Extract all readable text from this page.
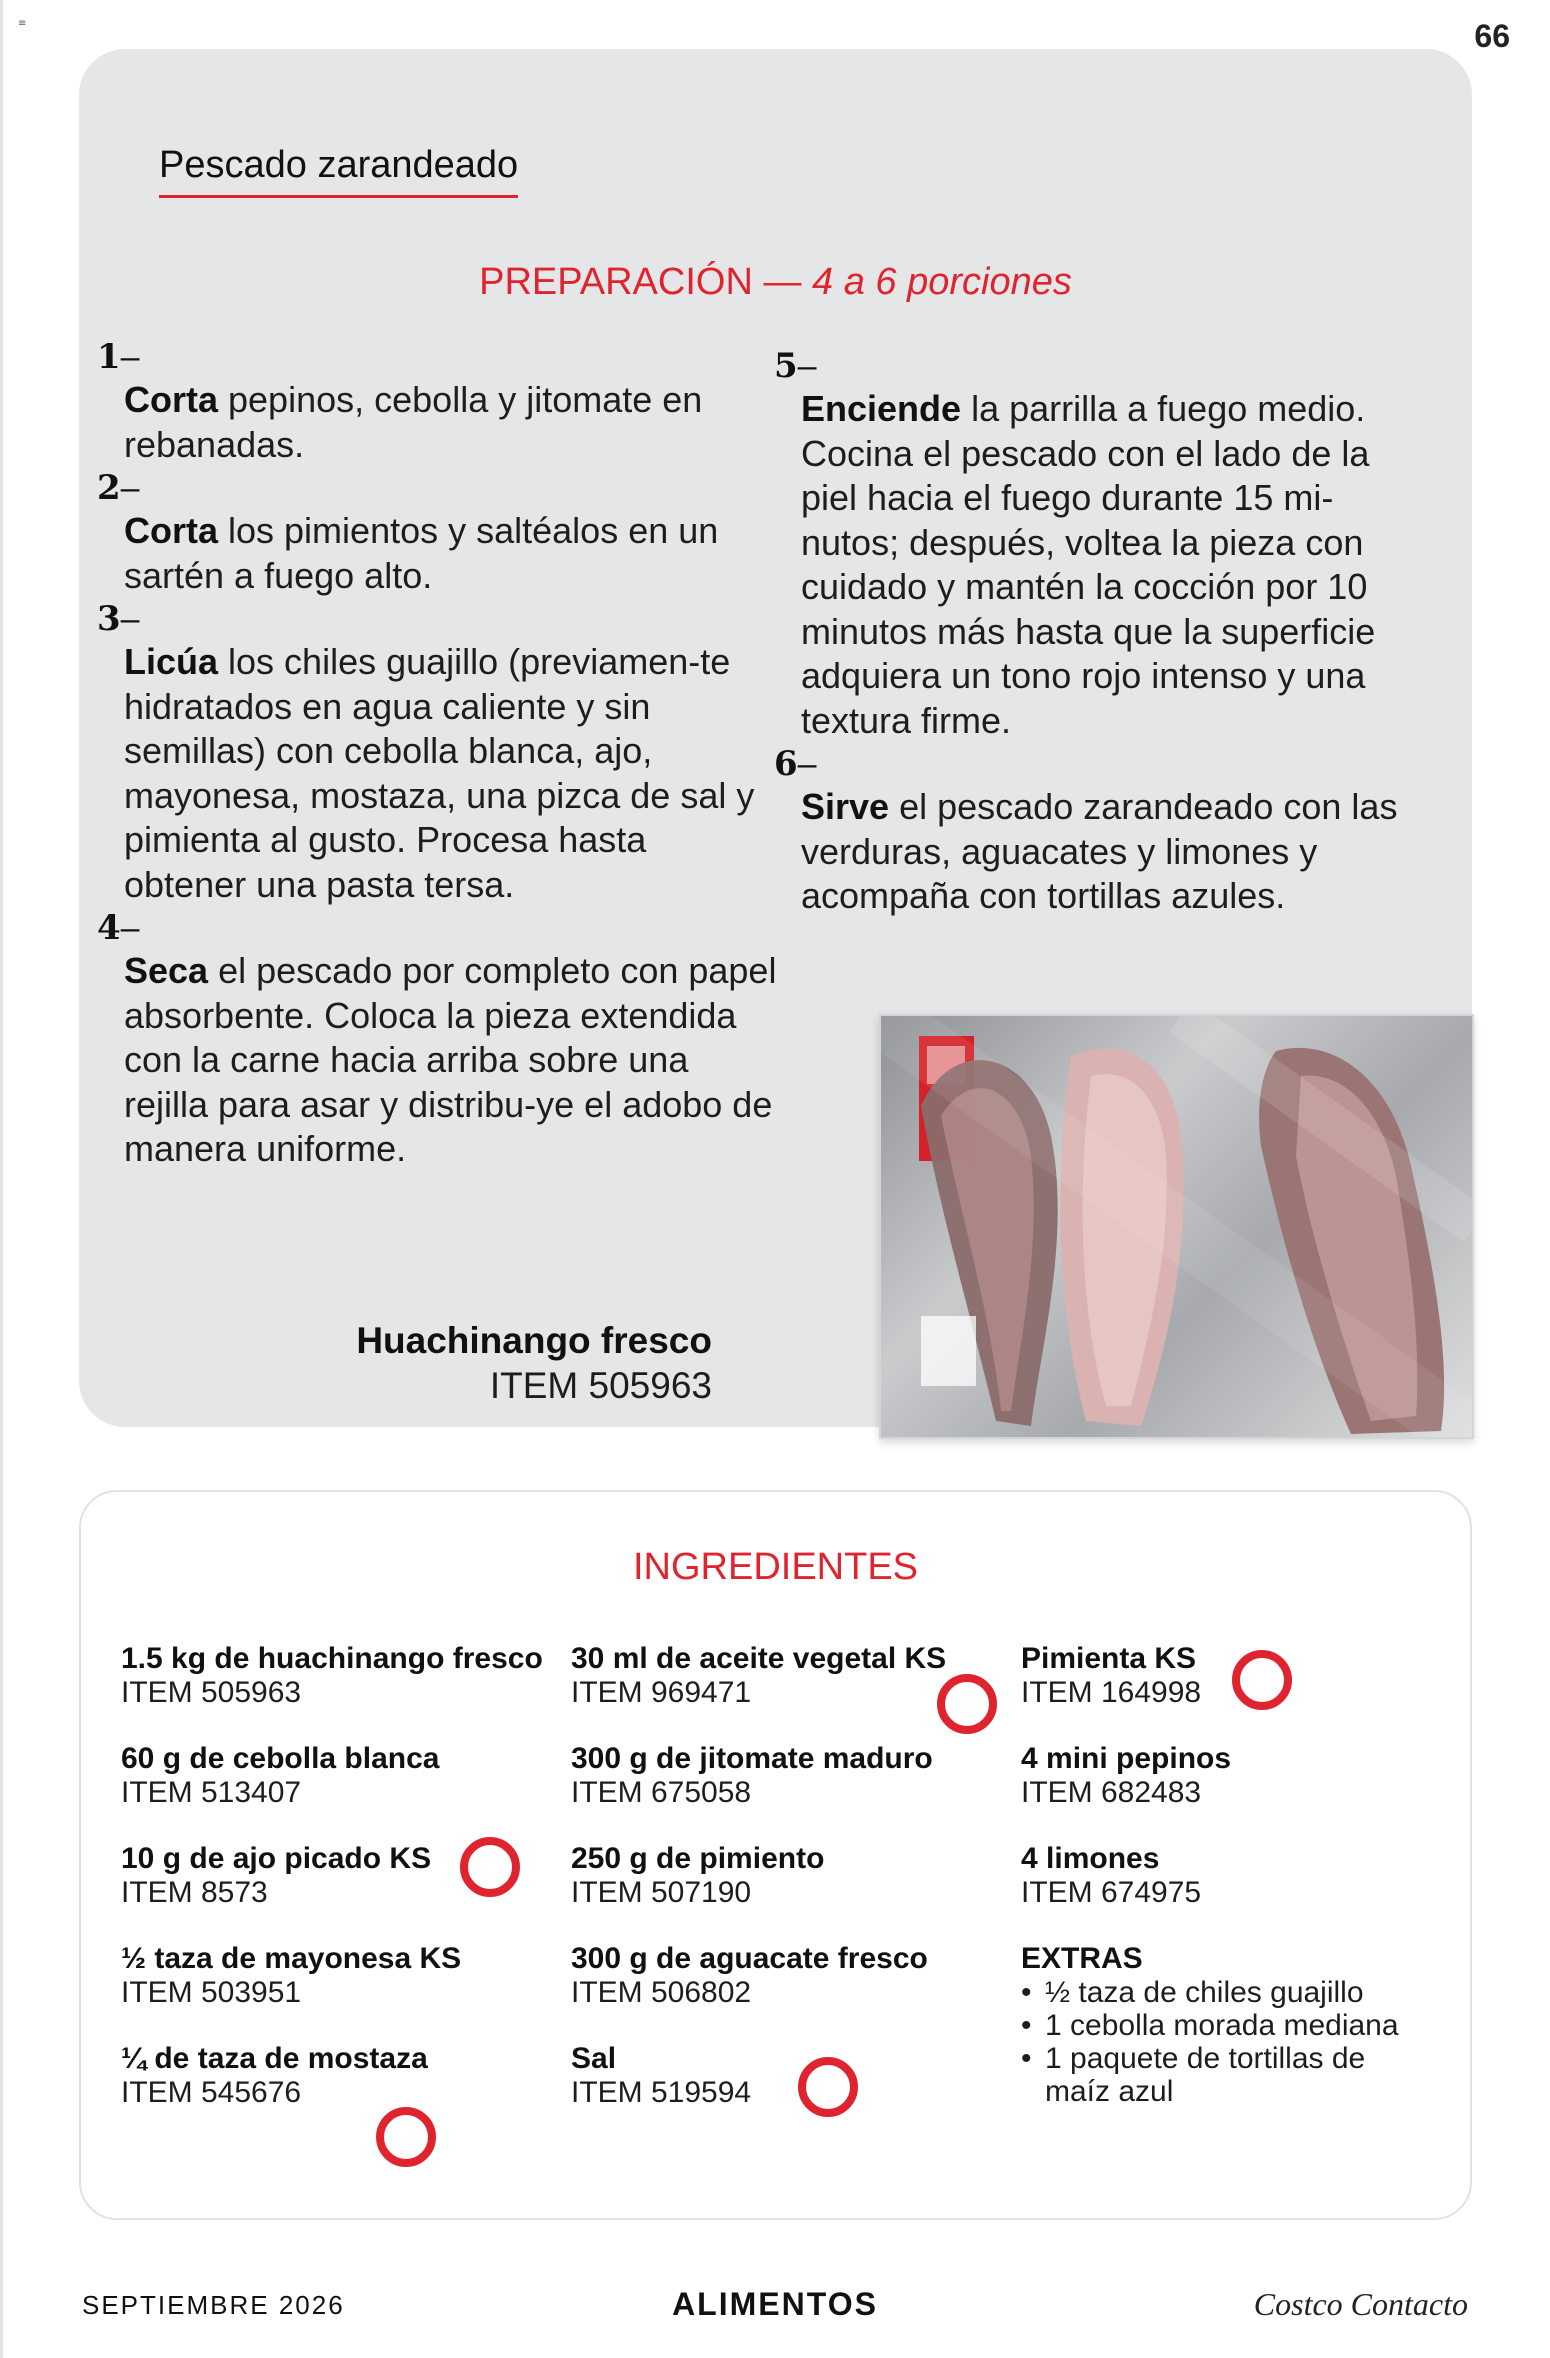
≡	66
Pescado zarandeado
PREPARACIÓN — 4 a 6 porciones
1–

Corta pepinos, cebolla y jitomate en rebanadas.

2–

Corta los pimientos y saltéalos en un sartén a fuego alto.

3–

Licúa los chiles guajillo (previamen-te hidratados en agua caliente y sin semillas) con cebolla blanca, ajo, mayonesa, mostaza, una pizca de sal y pimienta al gusto. Procesa hasta obtener una pasta tersa.

4–

Seca el pescado por completo con papel absorbente. Coloca la pieza extendida con la carne hacia arriba sobre una rejilla para asar y distribu-ye el adobo de manera uniforme.

5–

Enciende la parrilla a fuego medio. Cocina el pescado con el lado de la piel hacia el fuego durante 15 mi-nutos; después, voltea la pieza con cuidado y mantén la cocción por 10 minutos más hasta que la superficie adquiera un tono rojo intenso y una textura firme.

6–

Sirve el pescado zarandeado con las verduras, aguacates y limones y acompaña con tortillas azules.

Huachinango fresco
ITEM 505963
INGREDIENTES
1.5 kg de huachinango fresco
ITEM 505963
60 g de cebolla blanca
ITEM 513407
10 g de ajo picado KS
ITEM 8573
½ taza de mayonesa KS
ITEM 503951
¼ de taza de mostaza
ITEM 545676
30 ml de aceite vegetal KS
ITEM 969471
300 g de jitomate maduro
ITEM 675058
250 g de pimiento
ITEM 507190
300 g de aguacate fresco
ITEM 506802
Sal
ITEM 519594
Pimienta KS
ITEM 164998
4 mini pepinos
ITEM 682483
4 limones
ITEM 674975
EXTRAS
• ½ taza de chiles guajillo
• 1 cebolla morada mediana
• 1 paquete de tortillas de maíz azul
SEPTIEMBRE 2026	ALIMENTOS	Costco Contacto
